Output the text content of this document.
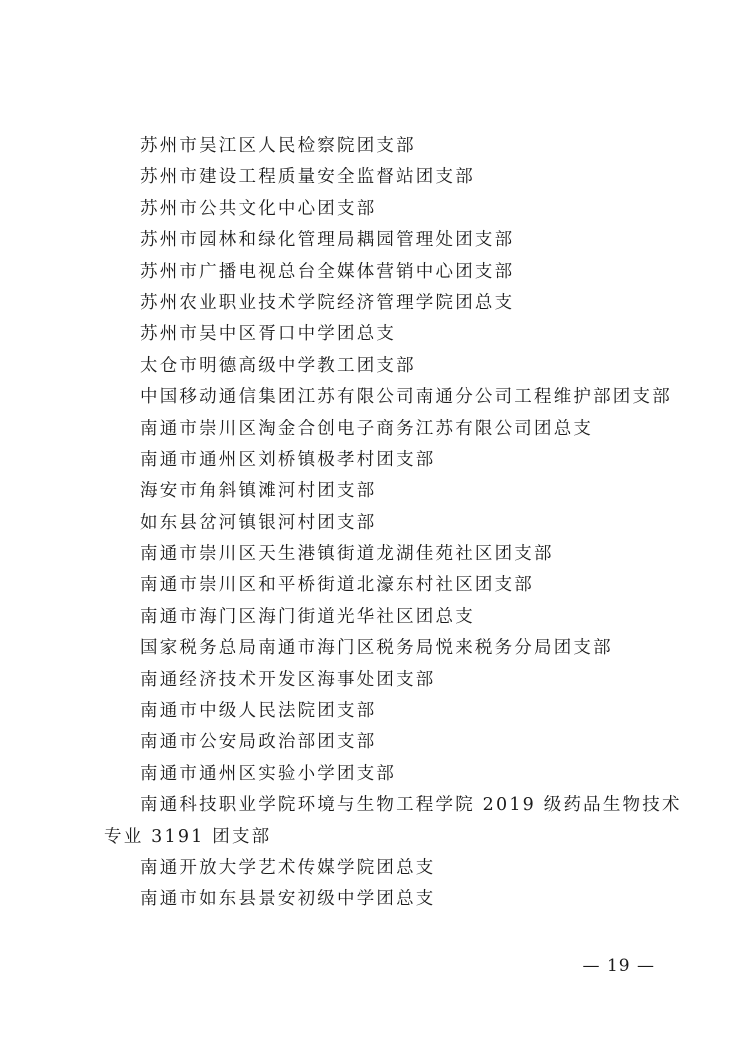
苏州市吴江区人民检察院团支部
苏州市建设工程质量安全监督站团支部
苏州市公共文化中心团支部
苏州市园林和绿化管理局耦园管理处团支部
苏州市广播电视总台全媒体营销中心团支部
苏州农业职业技术学院经济管理学院团总支
苏州市吴中区胥口中学团总支
太仓市明德高级中学教工团支部
中国移动通信集团江苏有限公司南通分公司工程维护部团支部
南通市崇川区淘金合创电子商务江苏有限公司团总支
南通市通州区刘桥镇极孝村团支部
海安市角斜镇滩河村团支部
如东县岔河镇银河村团支部
南通市崇川区天生港镇街道龙湖佳苑社区团支部
南通市崇川区和平桥街道北濠东村社区团支部
南通市海门区海门街道光华社区团总支
国家税务总局南通市海门区税务局悦来税务分局团支部
南通经济技术开发区海事处团支部
南通市中级人民法院团支部
南通市公安局政治部团支部
南通市通州区实验小学团支部
南通科技职业学院环境与生物工程学院 2019 级药品生物技术
专业 3191 团支部
南通开放大学艺术传媒学院团总支
南通市如东县景安初级中学团总支
— 19 —
